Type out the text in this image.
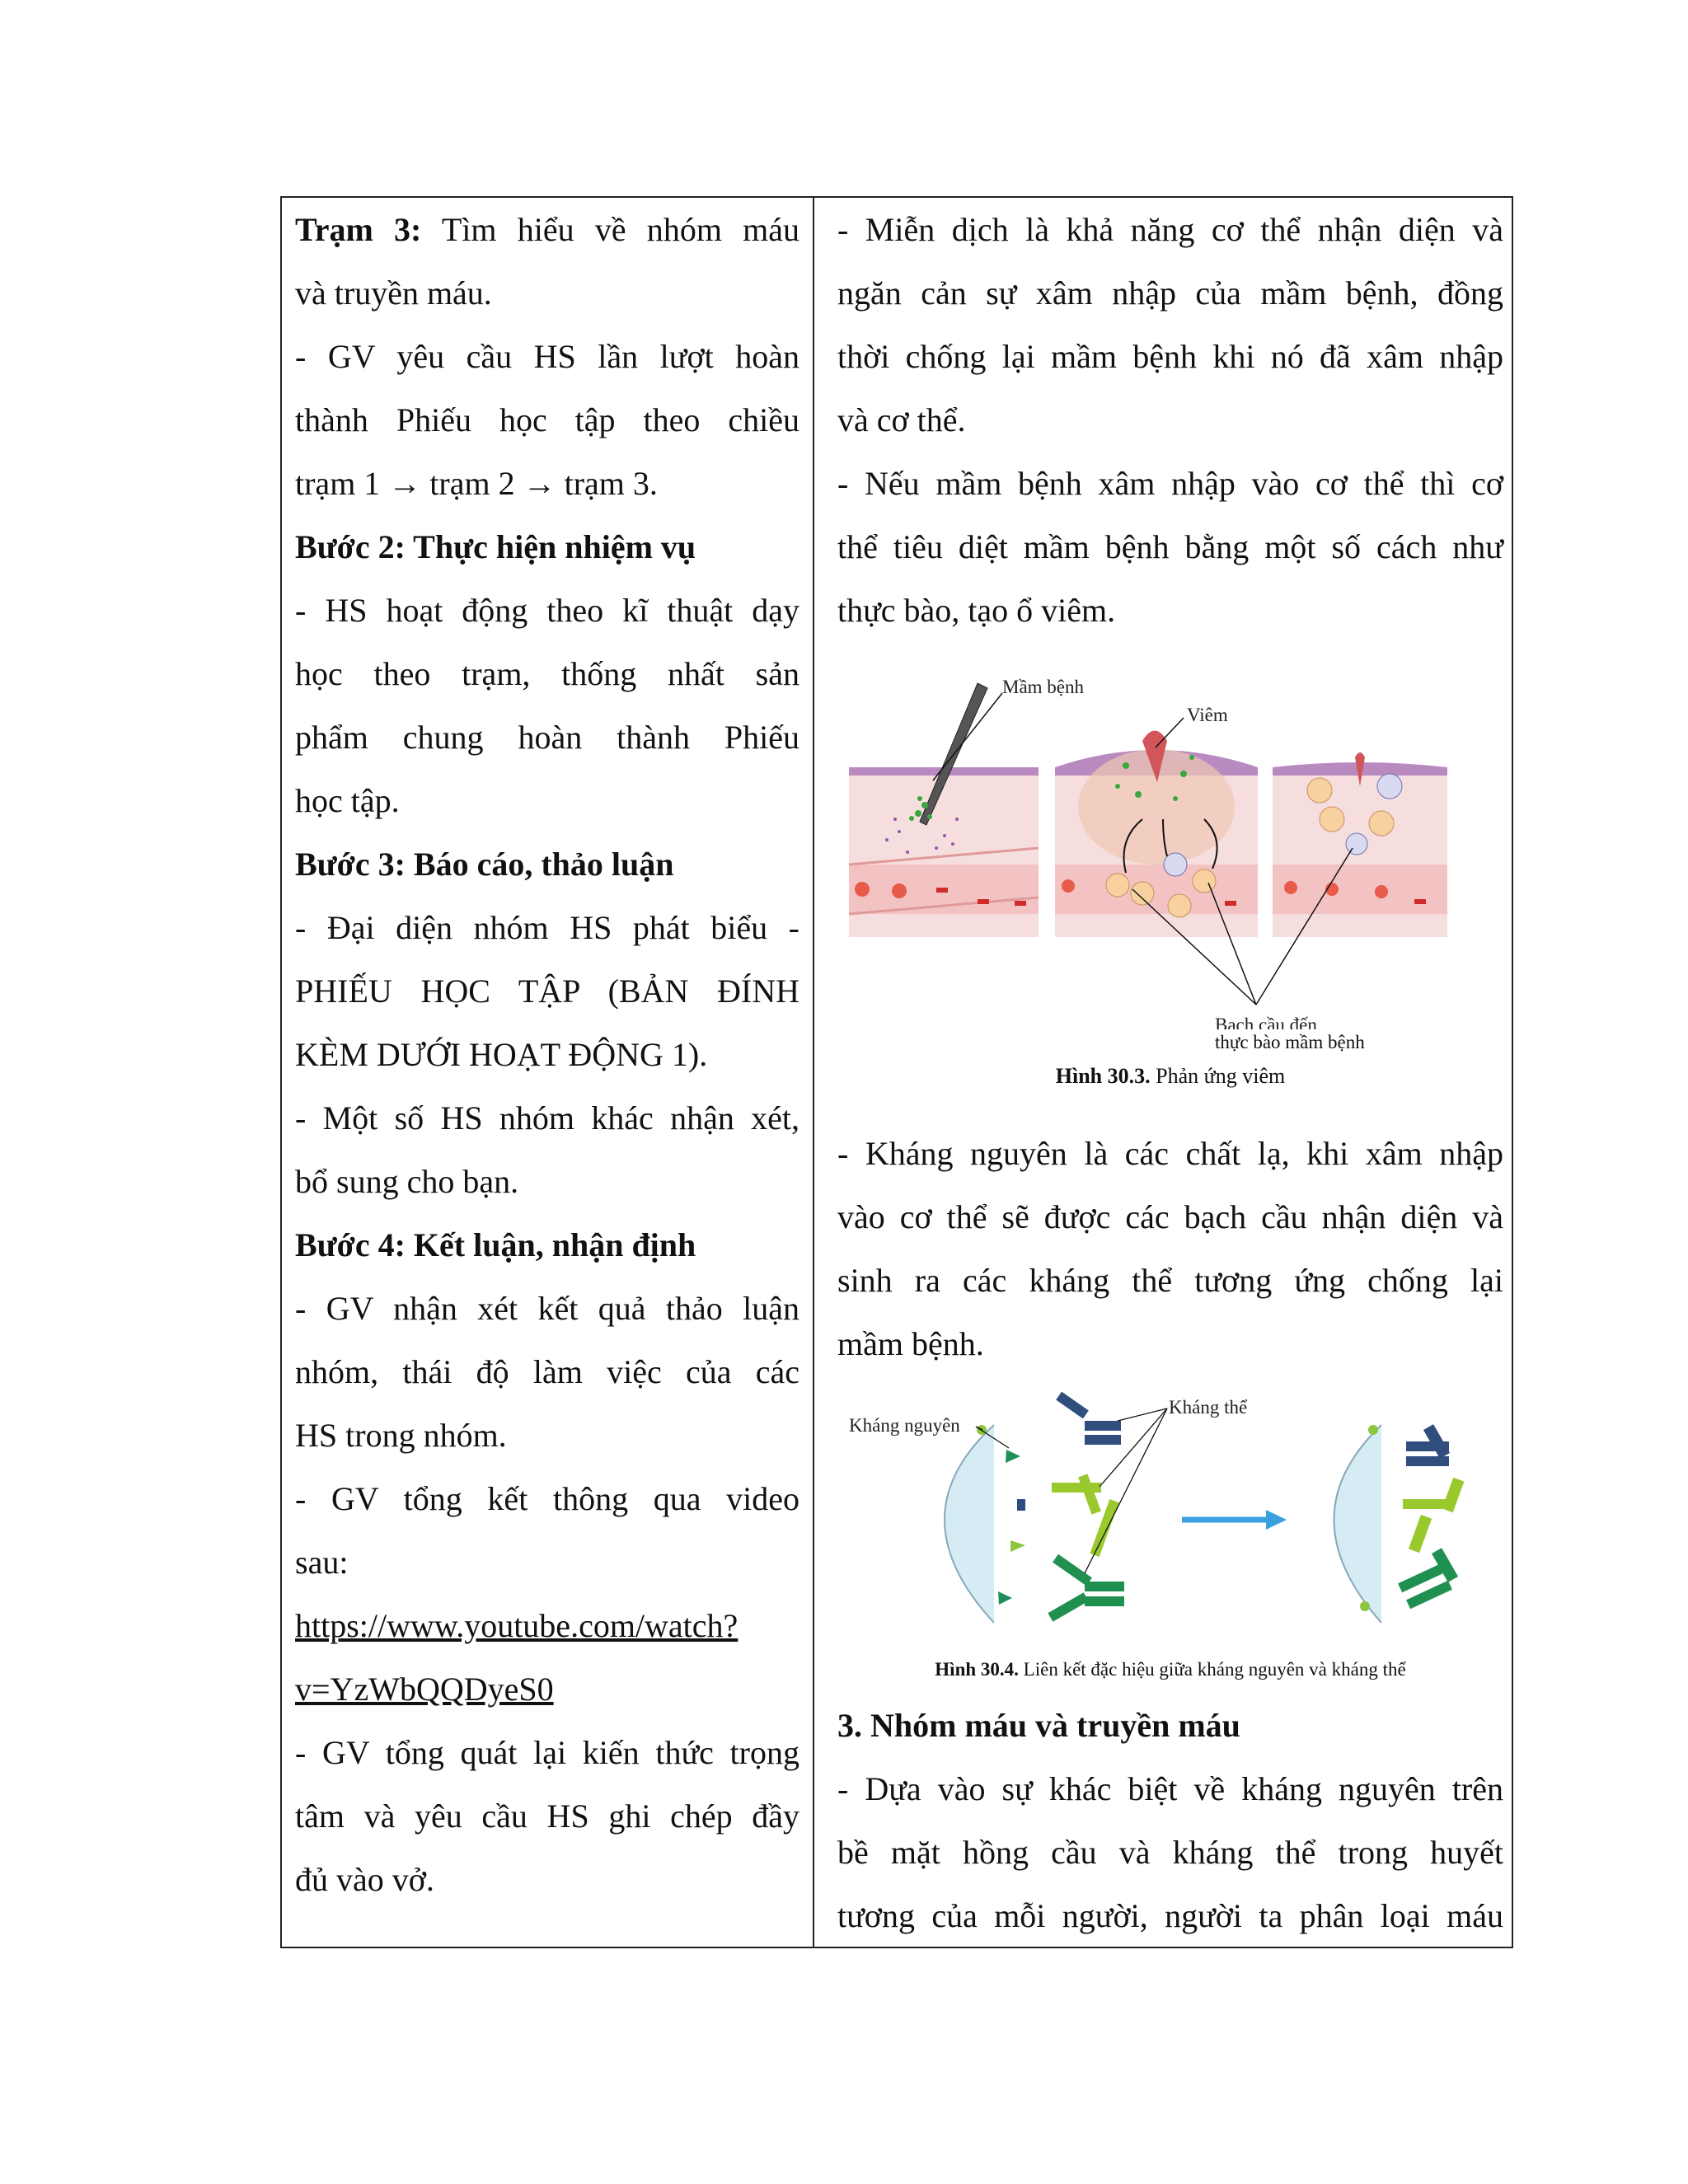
Trạm 3: Tìm hiểu về nhóm máu
và truyền máu.
- GV yêu cầu HS lần lượt hoàn
thành Phiếu học tập theo chiều
trạm 1 → trạm 2 → trạm 3.
Bước 2: Thực hiện nhiệm vụ
- HS hoạt động theo kĩ thuật dạy
học theo trạm, thống nhất sản
phẩm chung hoàn thành Phiếu
học tập.
Bước 3: Báo cáo, thảo luận
- Đại diện nhóm HS phát biểu -
PHIẾU HỌC TẬP (BẢN ĐÍNH
KÈM DƯỚI HOẠT ĐỘNG 1).
- Một số HS nhóm khác nhận xét,
bổ sung cho bạn.
Bước 4: Kết luận, nhận định
- GV nhận xét kết quả thảo luận
nhóm, thái độ làm việc của các
HS trong nhóm.
- GV tổng kết thông qua video
sau:
https://www.youtube.com/watch?
v=YzWbQQDyeS0
- GV tổng quát lại kiến thức trọng
tâm và yêu cầu HS ghi chép đầy
đủ vào vở.
- Miễn dịch là khả năng cơ thể nhận diện và
ngăn cản sự xâm nhập của mầm bệnh, đồng
thời chống lại mầm bệnh khi nó đã xâm nhập
và cơ thể.
- Nếu mầm bệnh xâm nhập vào cơ thể thì cơ
thể tiêu diệt mầm bệnh bằng một số cách như
thực bào, tạo ổ viêm.
Mầm bệnh
Viêm
Bạch cầu đến
thực bào mầm bệnh
Hình 30.3. Phản ứng viêm
- Kháng nguyên là các chất lạ, khi xâm nhập
vào cơ thể sẽ được các bạch cầu nhận diện và
sinh ra các kháng thể tương ứng chống lại
mầm bệnh.
Kháng nguyên
Kháng thể
Hình 30.4. Liên kết đặc hiệu giữa kháng nguyên và kháng thể
3. Nhóm máu và truyền máu
- Dựa vào sự khác biệt về kháng nguyên trên
bề mặt hồng cầu và kháng thể trong huyết
tương của mỗi người, người ta phân loại máu
